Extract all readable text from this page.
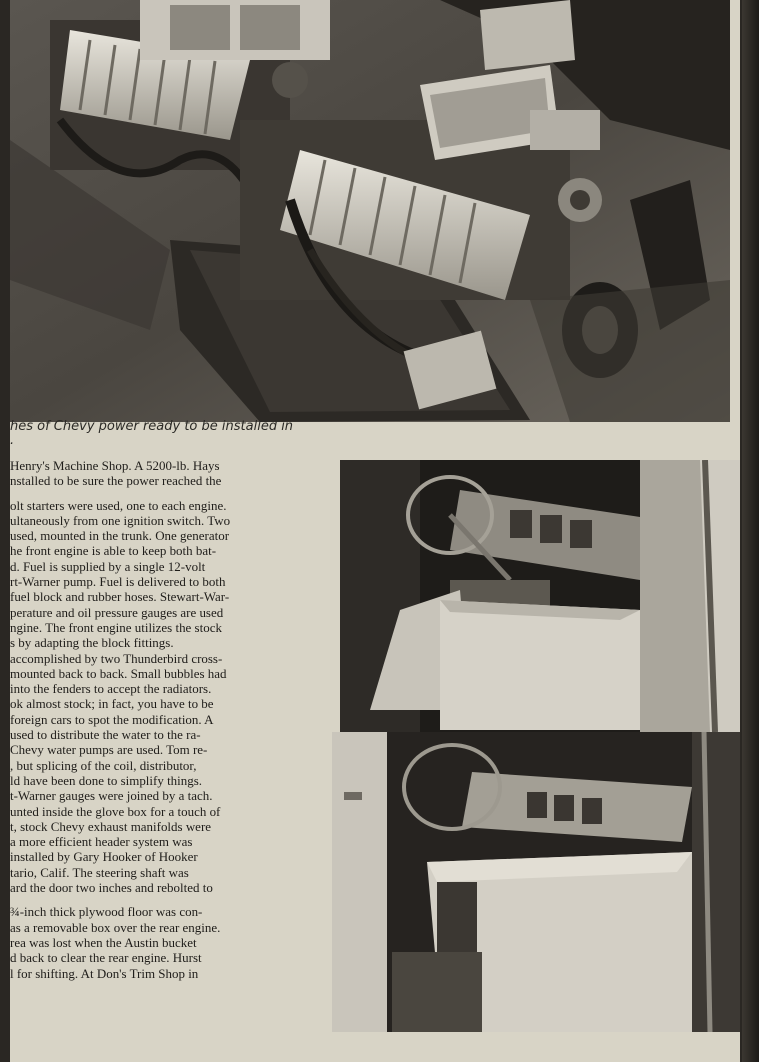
hes of Chevy power ready to be installed in
.
Henry's Machine Shop. A 5200-lb. Hays
nstalled to be sure the power reached the
olt starters were used, one to each engine.
ultaneously from one ignition switch. Two
used, mounted in the trunk. One generator
he front engine is able to keep both bat-
d. Fuel is supplied by a single 12-volt
rt-Warner pump. Fuel is delivered to both
fuel block and rubber hoses. Stewart-War-
perature and oil pressure gauges are used
ngine. The front engine utilizes the stock
s by adapting the block fittings.
accomplished by two Thunderbird cross-
mounted back to back. Small bubbles had
into the fenders to accept the radiators.
ok almost stock; in fact, you have to be
foreign cars to spot the modification. A
used to distribute the water to the ra-
Chevy water pumps are used. Tom re-
, but splicing of the coil, distributor,
ld have been done to simplify things.
t-Warner gauges were joined by a tach.
unted inside the glove box for a touch of
t, stock Chevy exhaust manifolds were
a more efficient header system was
installed by Gary Hooker of Hooker
tario, Calif. The steering shaft was
ard the door two inches and rebolted to
¾-inch thick plywood floor was con-
as a removable box over the rear engine.
rea was lost when the Austin bucket
d back to clear the rear engine. Hurst
l for shifting. At Don's Trim Shop in
